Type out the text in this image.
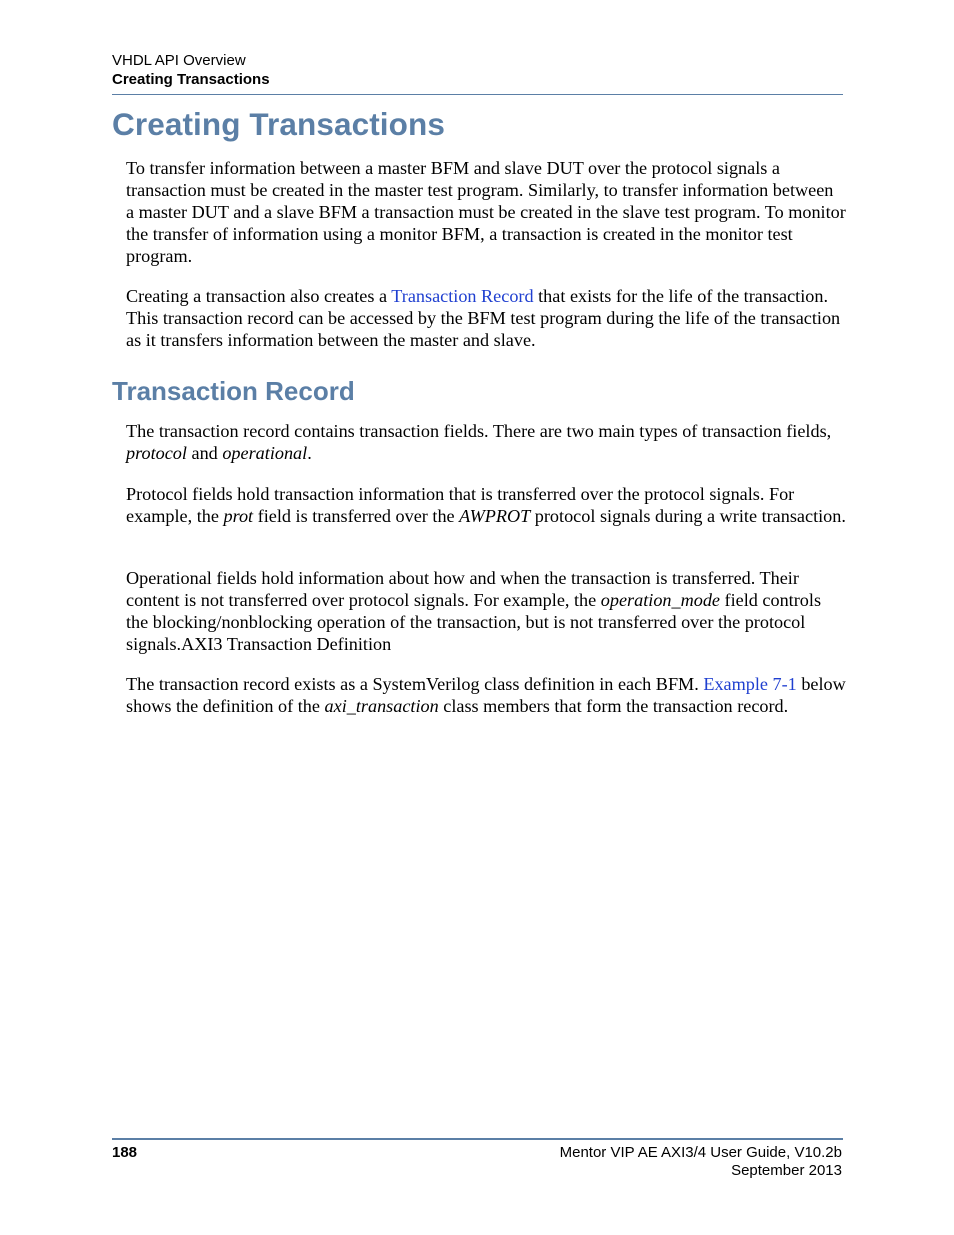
VHDL API Overview
Creating Transactions
Creating Transactions

To transfer information between a master BFM and slave DUT over the protocol signals a transaction must be created in the master test program. Similarly, to transfer information between a master DUT and a slave BFM a transaction must be created in the slave test program. To monitor the transfer of information using a monitor BFM, a transaction is created in the monitor test program.

Creating a transaction also creates a Transaction Record that exists for the life of the transaction. This transaction record can be accessed by the BFM test program during the life of the transaction as it transfers information between the master and slave.

Transaction Record

The transaction record contains transaction fields. There are two main types of transaction fields, protocol and operational.

Protocol fields hold transaction information that is transferred over the protocol signals. For example, the prot field is transferred over the AWPROT protocol signals during a write transaction.

Operational fields hold information about how and when the transaction is transferred. Their content is not transferred over protocol signals. For example, the operation_mode field controls the blocking/nonblocking operation of the transaction, but is not transferred over the protocol signals.AXI3 Transaction Definition

The transaction record exists as a SystemVerilog class definition in each BFM. Example 7-1 below shows the definition of the axi_transaction class members that form the transaction record.

188	Mentor VIP AE AXI3/4 User Guide, V10.2b
September 2013
